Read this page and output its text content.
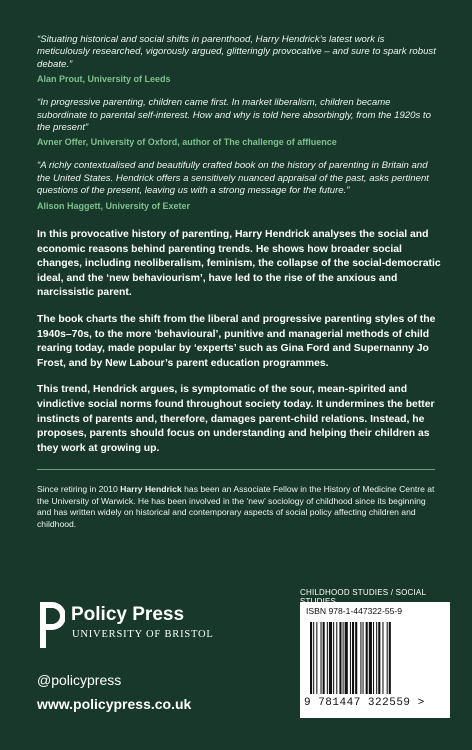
“Situating historical and social shifts in parenthood, Harry Hendrick’s latest work is meticulously researched, vigorously argued, glitteringly provocative – and sure to spark robust debate.”

Alan Prout, University of Leeds

“In progressive parenting, children came first. In market liberalism, children became subordinate to parental self-interest. How and why is told here absorbingly, from the 1920s to the present”

Avner Offer, University of Oxford, author of The challenge of affluence

“A richly contextualised and beautifully crafted book on the history of parenting in Britain and the United States. Hendrick offers a sensitively nuanced appraisal of the past, asks pertinent questions of the present, leaving us with a strong message for the future.”

Alison Haggett, University of Exeter

In this provocative history of parenting, Harry Hendrick analyses the social and economic reasons behind parenting trends. He shows how broader social changes, including neoliberalism, feminism, the collapse of the social-democratic ideal, and the ‘new behaviourism’, have led to the rise of the anxious and narcissistic parent.

The book charts the shift from the liberal and progressive parenting styles of the 1940s–70s, to the more ‘behavioural’, punitive and managerial methods of child rearing today, made popular by ‘experts’ such as Gina Ford and Supernanny Jo Frost, and by New Labour’s parent education programmes.

This trend, Hendrick argues, is symptomatic of the sour, mean-spirited and vindictive social norms found throughout society today. It undermines the better instincts of parents and, therefore, damages parent-child relations. Instead, he proposes, parents should focus on understanding and helping their children as they work at growing up.

Since retiring in 2010 Harry Hendrick has been an Associate Fellow in the History of Medicine Centre at the University of Warwick. He has been involved in the ‘new’ sociology of childhood since its beginning and has written widely on historical and contemporary aspects of social policy affecting children and childhood.

CHILDHOOD STUDIES / SOCIAL
ISBN 978-1-447322-55-9
9 781447 322559 >

Policy Press

UNIVERSITY OF BRISTOL

@policypress
www.policypress.co.uk
